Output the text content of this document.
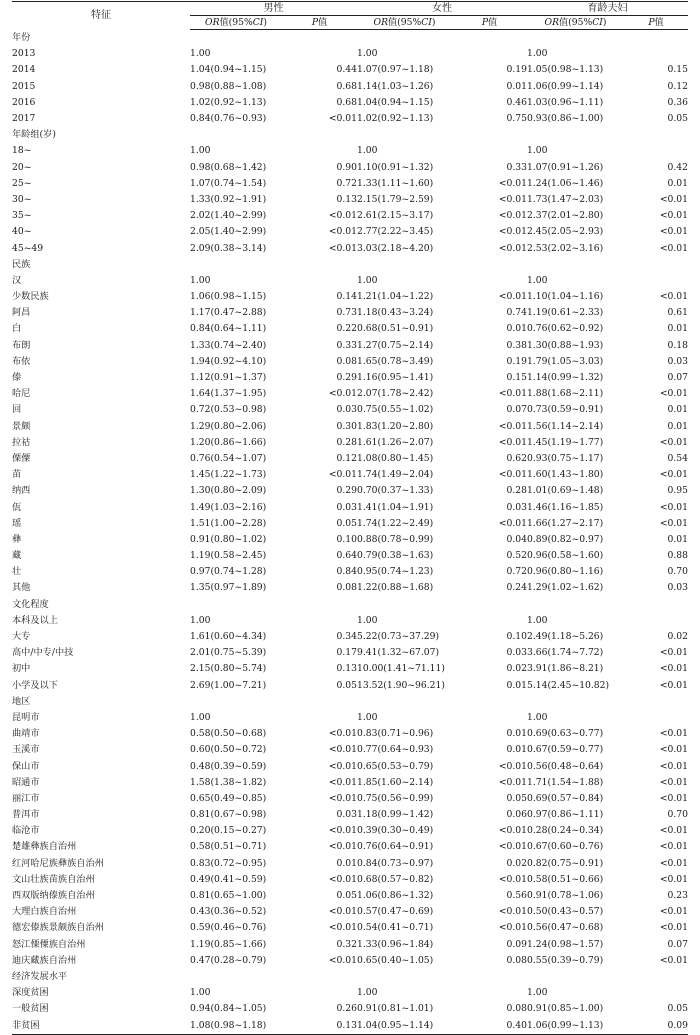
特征	男性		女性		育龄夫妇	
	OR值(95%CI)	P值	OR值(95%CI)	P值	OR值(95%CI)	P值
年份						
2013	1.00		1.00		1.00	
2014	1.04(0.94~1.15)	0.44	1.07(0.97~1.18)	0.19	1.05(0.98~1.13)	0.15
2015	0.98(0.88~1.08)	0.68	1.14(1.03~1.26)	0.01	1.06(0.99~1.14)	0.12
2016	1.02(0.92~1.13)	0.68	1.04(0.94~1.15)	0.46	1.03(0.96~1.11)	0.36
2017	0.84(0.76~0.93)	<0.01	1.02(0.92~1.13)	0.75	0.93(0.86~1.00)	0.05
年龄组(岁)						
18~	1.00		1.00		1.00	
20~	0.98(0.68~1.42)	0.90	1.10(0.91~1.32)	0.33	1.07(0.91~1.26)	0.42
25~	1.07(0.74~1.54)	0.72	1.33(1.11~1.60)	<0.01	1.24(1.06~1.46)	0.01
30~	1.33(0.92~1.91)	0.13	2.15(1.79~2.59)	<0.01	1.73(1.47~2.03)	<0.01
35~	2.02(1.40~2.99)	<0.01	2.61(2.15~3.17)	<0.01	2.37(2.01~2.80)	<0.01
40~	2.05(1.40~2.99)	<0.01	2.77(2.22~3.45)	<0.01	2.45(2.05~2.93)	<0.01
45~49	2.09(0.38~3.14)	<0.01	3.03(2.18~4.20)	<0.01	2.53(2.02~3.16)	<0.01
民族						
汉	1.00		1.00		1.00	
少数民族	1.06(0.98~1.15)	0.14	1.21(1.04~1.22)	<0.01	1.10(1.04~1.16)	<0.01
阿昌	1.17(0.47~2.88)	0.73	1.18(0.43~3.24)	0.74	1.19(0.61~2.33)	0.61
白	0.84(0.64~1.11)	0.22	0.68(0.51~0.91)	0.01	0.76(0.62~0.92)	0.01
布朗	1.33(0.74~2.40)	0.33	1.27(0.75~2.14)	0.38	1.30(0.88~1.93)	0.18
布依	1.94(0.92~4.10)	0.08	1.65(0.78~3.49)	0.19	1.79(1.05~3.03)	0.03
傣	1.12(0.91~1.37)	0.29	1.16(0.95~1.41)	0.15	1.14(0.99~1.32)	0.07
哈尼	1.64(1.37~1.95)	<0.01	2.07(1.78~2.42)	<0.01	1.88(1.68~2.11)	<0.01
回	0.72(0.53~0.98)	0.03	0.75(0.55~1.02)	0.07	0.73(0.59~0.91)	0.01
景颇	1.29(0.80~2.06)	0.30	1.83(1.20~2.80)	<0.01	1.56(1.14~2.14)	0.01
拉祜	1.20(0.86~1.66)	0.28	1.61(1.26~2.07)	<0.01	1.45(1.19~1.77)	<0.01
傈僳	0.76(0.54~1.07)	0.12	1.08(0.80~1.45)	0.62	0.93(0.75~1.17)	0.54
苗	1.45(1.22~1.73)	<0.01	1.74(1.49~2.04)	<0.01	1.60(1.43~1.80)	<0.01
纳西	1.30(0.80~2.09)	0.29	0.70(0.37~1.33)	0.28	1.01(0.69~1.48)	0.95
佤	1.49(1.03~2.16)	0.03	1.41(1.04~1.91)	0.03	1.46(1.16~1.85)	<0.01
瑶	1.51(1.00~2.28)	0.05	1.74(1.22~2.49)	<0.01	1.66(1.27~2.17)	<0.01
彝	0.91(0.80~1.02)	0.10	0.88(0.78~0.99)	0.04	0.89(0.82~0.97)	0.01
藏	1.19(0.58~2.45)	0.64	0.79(0.38~1.63)	0.52	0.96(0.58~1.60)	0.88
壮	0.97(0.74~1.28)	0.84	0.95(0.74~1.23)	0.72	0.96(0.80~1.16)	0.70
其他	1.35(0.97~1.89)	0.08	1.22(0.88~1.68)	0.24	1.29(1.02~1.62)	0.03
文化程度						
本科及以上	1.00		1.00		1.00	
大专	1.61(0.60~4.34)	0.34	5.22(0.73~37.29)	0.10	2.49(1.18~5.26)	0.02
高中/中专/中技	2.01(0.75~5.39)	0.17	9.41(1.32~67.07)	0.03	3.66(1.74~7.72)	<0.01
初中	2.15(0.80~5.74)	0.13	10.00(1.41~71.11)	0.02	3.91(1.86~8.21)	<0.01
小学及以下	2.69(1.00~7.21)	0.05	13.52(1.90~96.21)	0.01	5.14(2.45~10.82)	<0.01
地区						
昆明市	1.00		1.00		1.00	
曲靖市	0.58(0.50~0.68)	<0.01	0.83(0.71~0.96)	0.01	0.69(0.63~0.77)	<0.01
玉溪市	0.60(0.50~0.72)	<0.01	0.77(0.64~0.93)	0.01	0.67(0.59~0.77)	<0.01
保山市	0.48(0.39~0.59)	<0.01	0.65(0.53~0.79)	<0.01	0.56(0.48~0.64)	<0.01
昭通市	1.58(1.38~1.82)	<0.01	1.85(1.60~2.14)	<0.01	1.71(1.54~1.88)	<0.01
丽江市	0.65(0.49~0.85)	<0.01	0.75(0.56~0.99)	0.05	0.69(0.57~0.84)	<0.01
普洱市	0.81(0.67~0.98)	0.03	1.18(0.99~1.42)	0.06	0.97(0.86~1.11)	0.70
临沧市	0.20(0.15~0.27)	<0.01	0.39(0.30~0.49)	<0.01	0.28(0.24~0.34)	<0.01
楚雄彝族自治州	0.58(0.51~0.71)	<0.01	0.76(0.64~0.91)	<0.01	0.67(0.60~0.76)	<0.01
红河哈尼族彝族自治州	0.83(0.72~0.95)	0.01	0.84(0.73~0.97)	0.02	0.82(0.75~0.91)	<0.01
文山壮族苗族自治州	0.49(0.41~0.59)	<0.01	0.68(0.57~0.82)	<0.01	0.58(0.51~0.66)	<0.01
西双版纳傣族自治州	0.81(0.65~1.00)	0.05	1.06(0.86~1.32)	0.56	0.91(0.78~1.06)	0.23
大理白族自治州	0.43(0.36~0.52)	<0.01	0.57(0.47~0.69)	<0.01	0.50(0.43~0.57)	<0.01
德宏傣族景颇族自治州	0.59(0.46~0.76)	<0.01	0.54(0.41~0.71)	<0.01	0.56(0.47~0.68)	<0.01
怒江傈僳族自治州	1.19(0.85~1.66)	0.32	1.33(0.96~1.84)	0.09	1.24(0.98~1.57)	0.07
迪庆藏族自治州	0.47(0.28~0.79)	<0.01	0.65(0.40~1.05)	0.08	0.55(0.39~0.79)	<0.01
经济发展水平						
深度贫困	1.00		1.00		1.00	
一般贫困	0.94(0.84~1.05)	0.26	0.91(0.81~1.01)	0.08	0.91(0.85~1.00)	0.05
非贫困	1.08(0.98~1.18)	0.13	1.04(0.95~1.14)	0.40	1.06(0.99~1.13)	0.09
